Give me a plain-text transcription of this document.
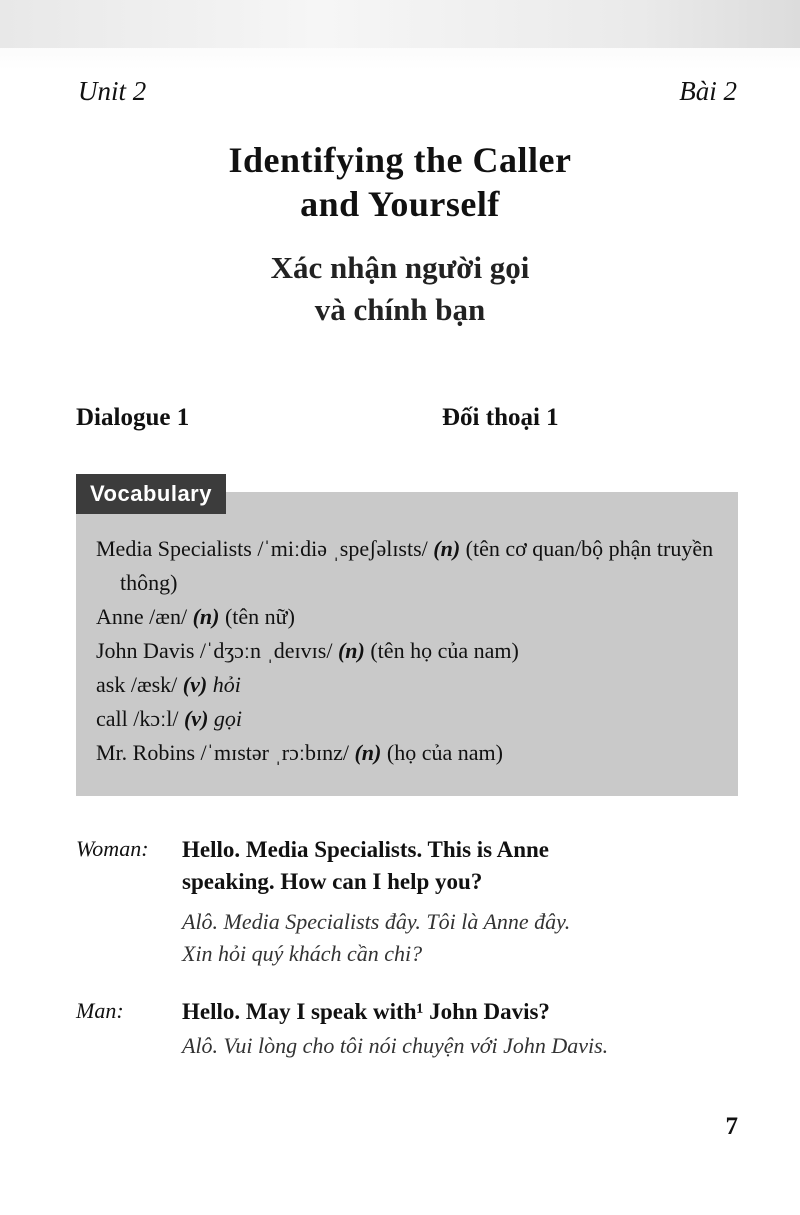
Unit 2	Bài 2
Identifying the Caller
and Yourself
Xác nhận người gọi
và chính bạn
Dialogue 1	Đối thoại 1
Vocabulary
Media Specialists /ˈmiːdiə ˌspeʃəlɪsts/ (n) (tên cơ quan/bộ phận truyền thông)
Anne /æn/ (n) (tên nữ)
John Davis /ˈdʒɔːn ˌdeɪvɪs/ (n) (tên họ của nam)
ask /æsk/ (v) hỏi
call /kɔːl/ (v) gọi
Mr. Robins /ˈmɪstər ˌrɔːbɪnz/ (n) (họ của nam)
Woman: Hello. Media Specialists. This is Anne
speaking. How can I help you?
Alô. Media Specialists đây. Tôi là Anne đây.
Xin hỏi quý khách cần chi?
Man:	Hello. May I speak with¹ John Davis?
Alô. Vui lòng cho tôi nói chuyện với John Davis.
7
